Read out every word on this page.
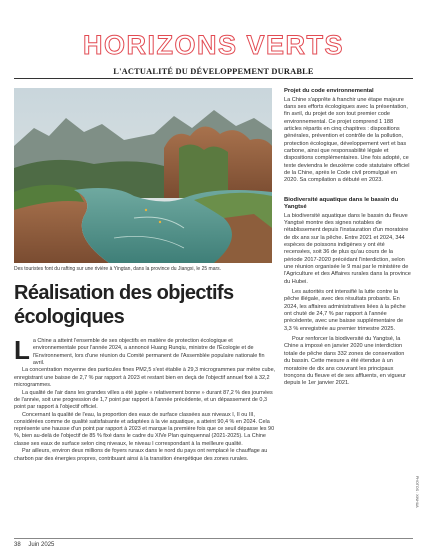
HORIZONS VERTS
L'ACTUALITÉ DU DÉVELOPPEMENT DURABLE
Des touristes font du rafting sur une rivière à Yingtan, dans la province du Jiangxi, le 25 mars.
Réalisation des objectifs
écologiques

La Chine a atteint l'ensemble de ses objectifs en matière de protection écologique et environnementale pour l'année 2024, a annoncé Huang Runqiu, ministre de l'Écologie et de l'Environnement, lors d'une réunion du Comité permanent de l'Assemblée populaire nationale fin avril.

La concentration moyenne des particules fines PM2,5 s'est établie à 29,3 microgrammes par mètre cube, enregistrant une baisse de 2,7 % par rapport à 2023 et restant bien en deçà de l'objectif annuel fixé à 32,2 microgrammes.

La qualité de l'air dans les grandes villes a été jugée « relativement bonne » durant 87,2 % des journées de l'année, soit une progression de 1,7 point par rapport à l'année précédente, et un dépassement de 0,3 point par rapport à l'objectif officiel.

Concernant la qualité de l'eau, la proportion des eaux de surface classées aux niveaux I, II ou III, considérées comme de qualité satisfaisante et adaptées à la vie aquatique, a atteint 90,4 % en 2024. Cela représente une hausse d'un point par rapport à 2023 et marque la première fois que ce seuil dépasse les 90 %, bien au-delà de l'objectif de 85 % fixé dans le cadre du XIVe Plan quinquennal (2021-2025). La Chine classe ses eaux de surface selon cinq niveaux, le niveau I correspondant à la meilleure qualité.

Par ailleurs, environ deux millions de foyers ruraux dans le nord du pays ont remplacé le chauffage au charbon par des énergies propres, contribuant ainsi à la transition énergétique des zones rurales.

Projet du code environnemental

La Chine s'apprête à franchir une étape majeure dans ses efforts écologiques avec la présentation, fin avril, du projet de son tout premier code environnemental. Ce projet comprend 1 188 articles répartis en cinq chapitres : dispositions générales, prévention et contrôle de la pollution, protection écologique, développement vert et bas carbone, ainsi que responsabilité légale et dispositions complémentaires. Une fois adopté, ce texte deviendra le deuxième code statutaire officiel de la Chine, après le Code civil promulgué en 2020. Sa compilation a débuté en 2023.

Biodiversité aquatique dans le bassin du Yangtsé

La biodiversité aquatique dans le bassin du fleuve Yangtsé montre des signes notables de rétablissement depuis l'instauration d'un moratoire de dix ans sur la pêche. Entre 2021 et 2024, 344 espèces de poissons indigènes y ont été recensées, soit 36 de plus qu'au cours de la période 2017-2020 précédant l'interdiction, selon une réunion organisée le 9 mai par le ministère de l'Agriculture et des Affaires rurales dans la province du Hubei.

Les autorités ont intensifié la lutte contre la pêche illégale, avec des résultats probants. En 2024, les affaires administratives liées à la pêche ont chuté de 24,7 % par rapport à l'année précédente, avec une baisse supplémentaire de 3,3 % enregistrée au premier trimestre 2025.

Pour renforcer la biodiversité du Yangtsé, la Chine a imposé en janvier 2020 une interdiction totale de pêche dans 332 zones de conservation du bassin. Cette mesure a été étendue à un moratoire de dix ans couvrant les principaux tronçons du fleuve et de ses affluents, en vigueur depuis le 1er janvier 2021.

PHOTOS : XINHUA
38 Juin 2025
